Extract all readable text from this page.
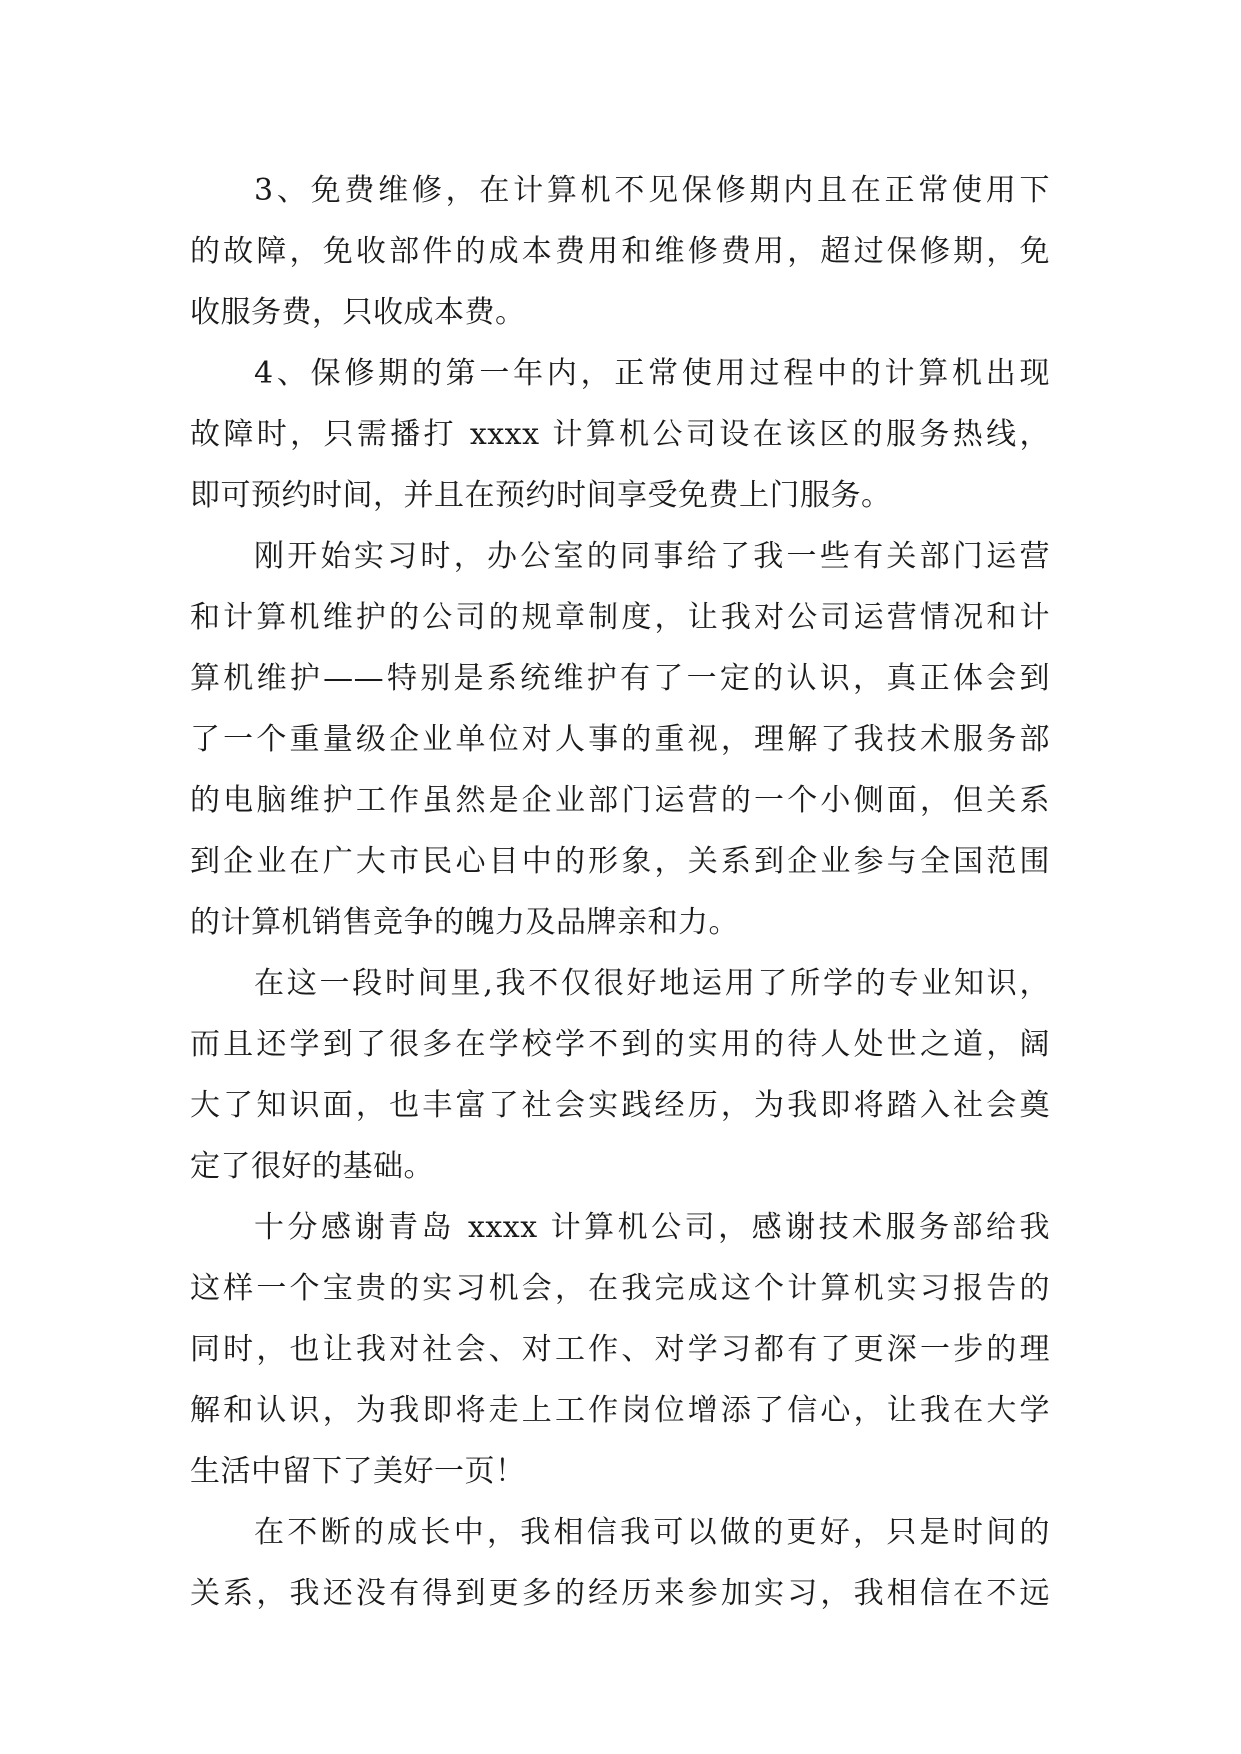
3、免费维修，在计算机不见保修期内且在正常使用下
的故障，免收部件的成本费用和维修费用，超过保修期，免
收服务费，只收成本费。
4、保修期的第一年内，正常使用过程中的计算机出现
故障时，只需播打 xxxx 计算机公司设在该区的服务热线，
即可预约时间，并且在预约时间享受免费上门服务。
刚开始实习时，办公室的同事给了我一些有关部门运营
和计算机维护的公司的规章制度，让我对公司运营情况和计
算机维护——特别是系统维护有了一定的认识，真正体会到
了一个重量级企业单位对人事的重视，理解了我技术服务部
的电脑维护工作虽然是企业部门运营的一个小侧面，但关系
到企业在广大市民心目中的形象，关系到企业参与全国范围
的计算机销售竞争的魄力及品牌亲和力。
在这一段时间里,我不仅很好地运用了所学的专业知识，
而且还学到了很多在学校学不到的实用的待人处世之道，阔
大了知识面，也丰富了社会实践经历，为我即将踏入社会奠
定了很好的基础。
十分感谢青岛 xxxx 计算机公司，感谢技术服务部给我
这样一个宝贵的实习机会，在我完成这个计算机实习报告的
同时，也让我对社会、对工作、对学习都有了更深一步的理
解和认识，为我即将走上工作岗位增添了信心，让我在大学
生活中留下了美好一页！
在不断的成长中，我相信我可以做的更好，只是时间的
关系，我还没有得到更多的经历来参加实习，我相信在不远
